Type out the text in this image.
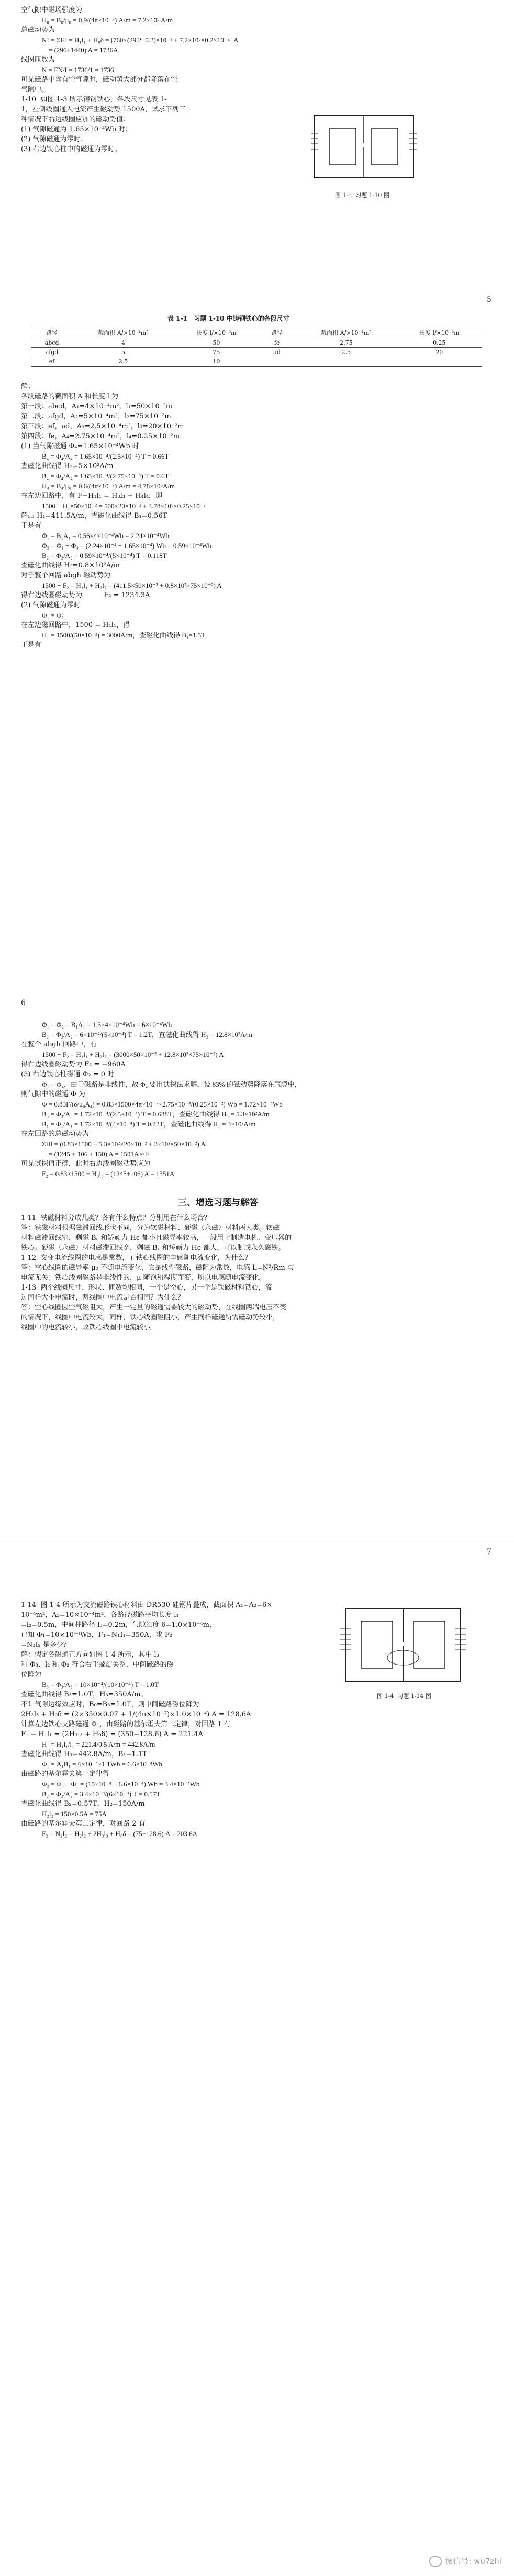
空气隙中磁场强度为
H₀ = B₀/μ₀ = 0.9/(4π×10⁻⁷) A/m = 7.2×10⁵ A/m
总磁动势为
NI = ΣHl = H₁l₁ + H₀δ = [760×(29.2−0.2)×10⁻² + 7.2×10⁵×0.2×10⁻²] A
= (296+1440) A = 1736A
线圈匝数为
N = FN/I = 1736/1 = 1736
可见磁路中含有空气隙时，磁动势大部分都降落在空
气隙中。
1-10  如图 1-3 所示铸钢铁心，各段尺寸见表 1-
1，左侧线圈通入电流产生磁动势 1500A，试求下列三
种情况下右边线圈应加的磁动势值：
(1) 气隙磁通为 1.65×10⁻⁴Wb 时；
(2) 气隙磁通为零时；
(3) 右边铁心柱中的磁通为零时。
图 1-3  习题 1-10 图
5
表 1-1   习题 1-10 中铸钢铁心的各段尺寸
路径	截面积 A/×10⁻⁴m²	长度 l/×10⁻²m	路径	截面积 A/×10⁻⁴m²	长度 l/×10⁻²m
abcd	4	50	fe	2.75	0.25
afgd	5	75	ad	2.5	20
ef	2.5	10			
解：
各段磁路的截面积 A 和长度 l 为
第一段：abcd，A₁=4×10⁻⁴m²，l₁=50×10⁻²m
第二段：afgd，A₂=5×10⁻⁴m²，l₂=75×10⁻²m
第三段：ef，ad，A₃=2.5×10⁻⁴m²，l₃=20×10⁻²m
第四段：fe，A₄=2.75×10⁻⁴m²，l₄=0.25×10⁻²m
(1) 当气隙磁通 Φ₄=1.65×10⁻⁴Wb 时
B₄ = Φ₄/A₄ = 1.65×10⁻⁴/(2.5×10⁻⁴) T = 0.66T
查磁化曲线得 H₃=5×10²A/m
B₄ = Φ₄/A₄ = 1.65×10⁻⁴/(2.75×10⁻⁴) T = 0.6T
H₄ = B₄/μ₀ = 0.6/(4π×10⁻⁷) A/m = 4.78×10⁵A/m
在左边回路中，有 F−H₁l₁ = H₃l₃ + H₄l₄，即
1500 − H₁×50×10⁻² = 500×20×10⁻² + 4.78×10⁵×0.25×10⁻²
解出 H₁=411.5A/m，查磁化曲线得 B₁=0.56T
于是有
Φ₁ = B₁A₁ = 0.56×4×10⁻⁴Wb = 2.24×10⁻⁴Wb
Φ₂ = Φ₁ − Φ₄ = (2.24×10⁻⁴ − 1.65×10⁻⁴) Wb = 0.59×10⁻⁴Wb
B₂ = Φ₂/A₂ = 0.59×10⁻⁴/(5×10⁻⁴) T = 0.118T
查磁化曲线得 H₂=0.8×10²A/m
对于整个回路 abgh 磁动势为
1500 − F₂ = H₁l₁ + H₂l₂ = (411.5×50×10⁻² + 0.8×10²×75×10⁻²) A
得右边线圈磁动势为          F₂ = 1234.3A
(2) 气隙磁通为零时
Φ₁ = Φ₂
在左边磁回路中，1500 = H₁l₁，得
H₁ = 1500/(50×10⁻²) = 3000A/m，查磁化曲线得 B₁=1.5T
于是有
6
Φ₁ = Φ₂ = B₁A₁ = 1.5×4×10⁻⁴Wb = 6×10⁻⁴Wb
B₂ = Φ₂/A₂ = 6×10⁻⁴/(5×10⁻⁴) T = 1.2T，查磁化曲线得 H₂ = 12.8×10²A/m
在整个 abgh 回路中，有
1500 − F₂ = H₁l₁ + H₂l₂ = (3000×50×10⁻² + 12.8×10²×75×10⁻²) A
得右边线圈磁动势为 F₂ = −960A
(3) 右边铁心柱磁通 Φ₂ = 0 时
Φ₁ = Φ₄，由于磁路是非线性，故 Φ₄ 要用试探法求解，设 83% 的磁动势降落在气隙中，
则气隙中的磁通 Φ 为
Φ = 0.83F/(δ/μ₀A₄) = 0.83×1500×4π×10⁻⁷×2.75×10⁻⁴/(0.25×10⁻²) Wb = 1.72×10⁻⁴Wb
B₃ = Φ₃/A₃ = 1.72×10⁻⁴/(2.5×10⁻⁴) T = 0.688T，查磁化曲线得 H₃ = 5.3×10²A/m
B₁ = Φ₁/A₁ = 1.72×10⁻⁴/(4×10⁻⁴) T = 0.43T，查磁化曲线得 H₁ = 3×10²A/m
在左回路的总磁动势为
ΣHl = (0.83×1500 + 5.3×10²×20×10⁻² + 3×10²×50×10⁻²) A
= (1245 + 106 + 150) A = 1501A ≈ F
可见试探值正确，此时右边线圈磁动势应为
F₂ = 0.83×1500 + H₃l₃ = (1245+106) A = 1351A
三、增选习题与解答
1-11  铁磁材料分成几类？各有什么特点？分别用在什么场合？
答：铁磁材料根据磁滞回线形状不同，分为软磁材料、硬磁（永磁）材料两大类。软磁
材料磁滞回线窄，剩磁 Bᵣ 和矫顽力 Hc 都小且磁导率较高，一般用于制造电机、变压器的
铁心。硬磁（永磁）材料磁滞回线宽，剩磁 Bᵣ 和矫顽力 Hc 都大，可以制成永久磁铁。
1-12  交变电流线圈的电感是常数，而铁心线圈的电感随电流变化，为什么？
答：空心线圈的磁导率 μ₀ 不随电流变化，它是线性磁路，磁阻为常数，电感 L=N²/Rm 与
电流无关；铁心线圈磁路是非线性的，μ 随饱和程度而变，所以电感随电流变化。
1-13  两个线圈尺寸、形状、匝数均相同，一个是空心，另一个是铁磁材料铁心，流
过同样大小电流时，两线圈中电流是否相同？为什么？
答：空心线圈因空气磁阻大，产生一定量的磁通需要较大的磁动势，在线圈两端电压不变
的情况下，线圈中电流较大，同样，铁心线圈磁阻小，产生同样磁通所需磁动势较小，
线圈中的电流较小，故铁心线圈中电流较小。
7
1-14  图 1-4 所示为交流磁路铁心材料由 DR530 硅钢片叠成，截面积 A₁=A₂=6×
10⁻⁴m²，A₃=10×10⁻⁴m²，各路径磁路平均长度 l₁
=l₂=0.5m，中间柱路径 l₃=0.2m，气隙长度 δ=1.0×10⁻⁴m，
已知 Φ₁=10×10⁻⁴Wb，F₁=N₁I₁=350A，求 F₂
=N₂I₂ 是多少？
解：假定各磁通正方向如图 1-4 所示，其中 l₃
和 Φ₃、l₂ 和 Φ₂ 符合右手螺旋关系，中间磁路的磁
位降为
B₃ = Φ₃/A₃ = 10×10⁻⁴/(10×10⁻⁴) T = 1.0T
查磁化曲线得 B₃=1.0T，H₃=350A/m。
不计气隙边缘效应时，B₀=B₃=1.0T，则中间磁路磁位降为
2H₃l₃ + H₀δ = (2×350×0.07 + 1/(4π×10⁻⁷)×1.0×10⁻⁴) A = 128.6A
计算左边铁心支路磁通 Φ₁，由磁路的基尔霍夫第二定律，对回路 1 有
F₁ − H₁l₁ = (2H₃l₃ + H₀δ) = (350−128.6) A = 221.4A
H₁ = H₁l₁/l₁ = 221.4/0.5 A/m = 442.8A/m
查磁化曲线得 H₁=442.8A/m，B₁=1.1T
Φ₁ = A₁B₁ = 6×10⁻⁴×1.1Wb = 6.6×10⁻⁴Wb
由磁路的基尔霍夫第一定律得
Φ₂ = Φ₃ − Φ₁ = (10×10⁻⁴ − 6.6×10⁻⁴) Wb = 3.4×10⁻⁴Wb
B₂ = Φ₂/A₂ = 3.4×10⁻⁴/(6×10⁻⁴) T = 0.57T
查磁化曲线得 B₂=0.57T，H₂=150A/m
H₂l₂ = 150×0.5A = 75A
由磁路的基尔霍夫第二定律，对回路 2 有
F₂ = N₂I₂ = H₂l₂ + 2H₃l₃ + H₀δ = (75+128.6) A = 203.6A
图 1-4  习题 1-14 图
微信号: wu7zhi
